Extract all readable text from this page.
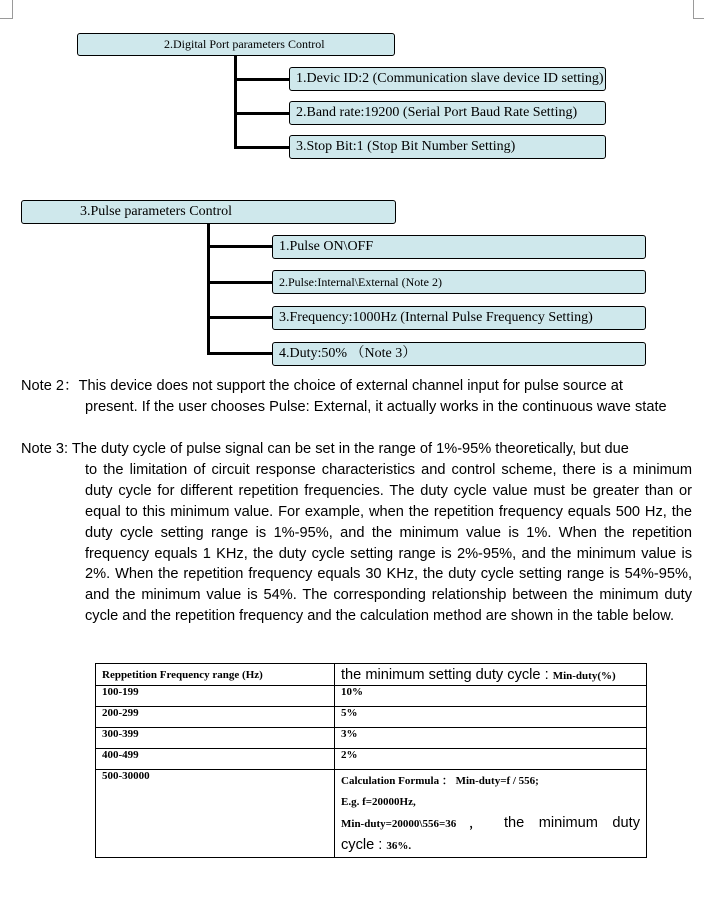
2.Digital Port parameters Control
1.Devic ID:2 (Communication slave device ID setting)
2.Band rate:19200 (Serial Port Baud Rate Setting)
3.Stop Bit:1 (Stop Bit Number Setting)
3.Pulse parameters Control
1.Pulse ON\OFF
2.Pulse:Internal\External (Note 2)
3.Frequency:1000Hz (Internal Pulse Frequency Setting)
4.Duty:50% （Note 3）
Note 2：This device does not support the choice of external channel input for pulse source at
present. If the user chooses Pulse: External, it actually works in the continuous wave state
Note 3: The duty cycle of pulse signal can be set in the range of 1%-95% theoretically, but due
to the limitation of circuit response characteristics and control scheme, there is a minimum duty cycle for different repetition frequencies. The duty cycle value must be greater than or equal to this minimum value. For example, when the repetition frequency equals 500 Hz, the duty cycle setting range is 1%-95%, and the minimum value is 1%. When the repetition frequency equals 1 KHz, the duty cycle setting range is 2%-95%, and the minimum value is 2%. When the repetition frequency equals 30 KHz, the duty cycle setting range is 54%-95%, and the minimum value is 54%. The corresponding relationship between the minimum duty cycle and the repetition frequency and the calculation method are shown in the table below.
Reppetition Frequency range (Hz)	the minimum setting duty cycle : Min-duty(%)
100-199	10%
200-299	5%
300-399	3%
400-499	2%
500-30000	Calculation Formula ： Min-duty=f / 556;
E.g. f=20000Hz,
Min-duty=20000\556=36 ， the minimum duty
cycle : 36%.
